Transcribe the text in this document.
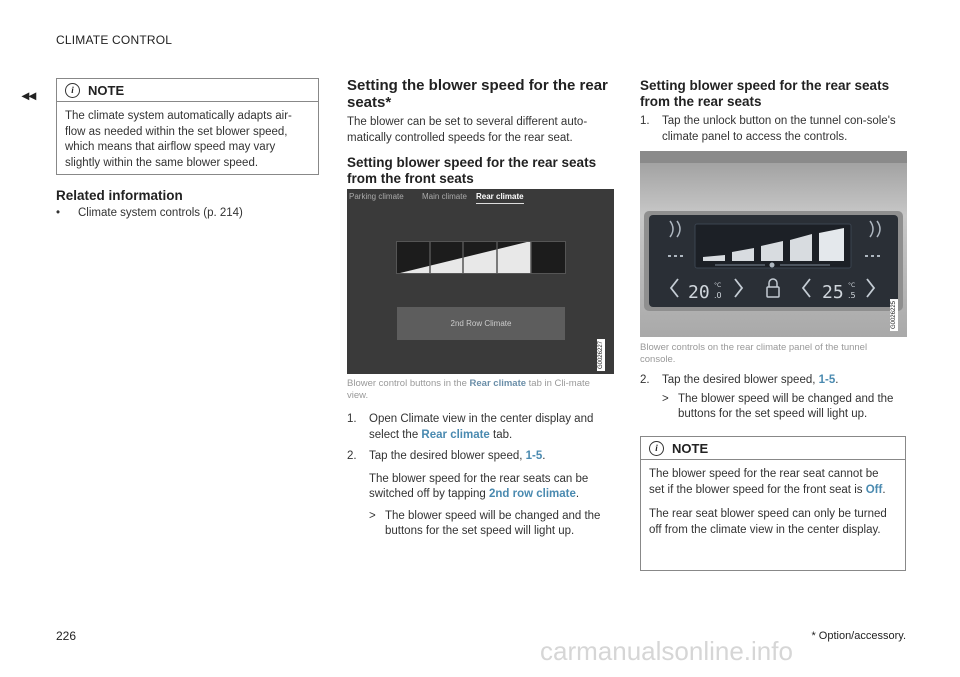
CLIMATE CONTROL
◂◂	i	NOTE

The climate system automatically adapts air-flow as needed within the set blower speed, which means that airflow speed may vary slightly within the same blower speed.

Related information
•	Climate system controls (p. 214)
Setting the blower speed for the rear seats*
The blower can be set to several different auto-matically controlled speeds for the rear seat.
Setting blower speed for the rear seats from the front seats
Parking climate Main climate Rear climate
2nd Row Climate
G0026227
Blower control buttons in the Rear climate tab in Cli-mate view.
1.	Open Climate view in the center display and select the Rear climate tab.
2.	Tap the desired blower speed, 1-5.
The blower speed for the rear seats can be switched off by tapping 2nd row climate.
> The blower speed will be changed and the buttons for the set speed will light up.
Setting blower speed for the rear seats from the rear seats
1.	Tap the unlock button on the tunnel con-sole's climate panel to access the controls.
20 °C
.0	25 °C
.5
G0026225
Blower controls on the rear climate panel of the tunnel console.
2.	Tap the desired blower speed, 1-5.
> The blower speed will be changed and the buttons for the set speed will light up.
i	NOTE

The blower speed for the rear seat cannot be set if the blower speed for the front seat is Off.

The rear seat blower speed can only be turned off from the climate view in the center display.

226	* Option/accessory.
carmanualsonline.info
